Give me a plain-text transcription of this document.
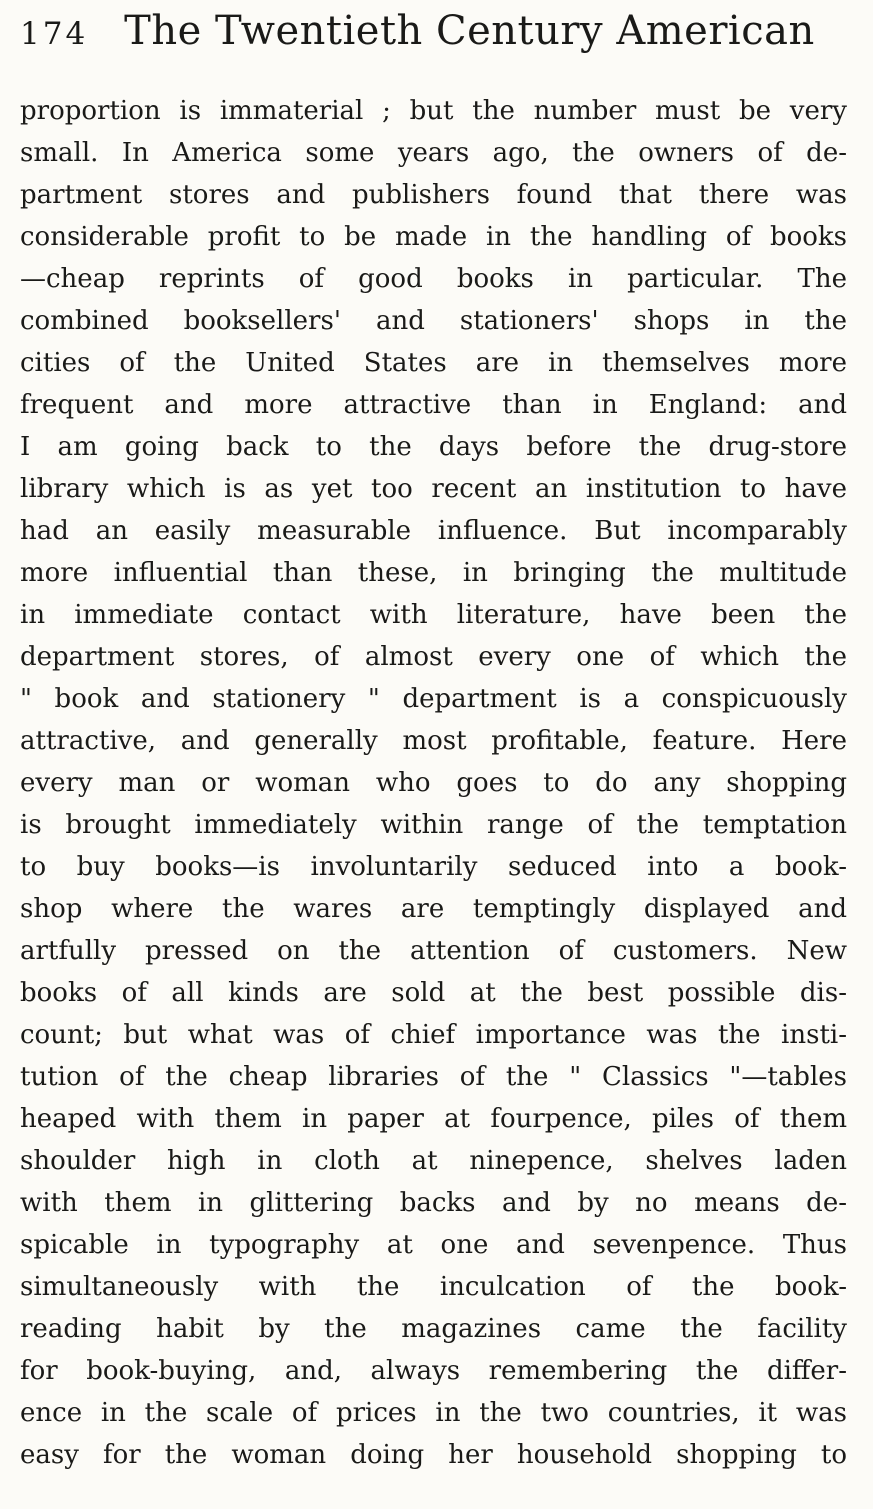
174 The Twentieth Century American
proportion is immaterial ; but the number must be very
small. In America some years ago, the owners of de-
partment stores and publishers found that there was
considerable profit to be made in the handling of books
—cheap reprints of good books in particular. The
combined booksellers' and stationers' shops in the
cities of the United States are in themselves more
frequent and more attractive than in England: and
I am going back to the days before the drug-store
library which is as yet too recent an institution to have
had an easily measurable influence. But incomparably
more influential than these, in bringing the multitude
in immediate contact with literature, have been the
department stores, of almost every one of which the
" book and stationery " department is a conspicuously
attractive, and generally most profitable, feature. Here
every man or woman who goes to do any shopping
is brought immediately within range of the temptation
to buy books—is involuntarily seduced into a book-
shop where the wares are temptingly displayed and
artfully pressed on the attention of customers. New
books of all kinds are sold at the best possible dis-
count; but what was of chief importance was the insti-
tution of the cheap libraries of the " Classics "—tables
heaped with them in paper at fourpence, piles of them
shoulder high in cloth at ninepence, shelves laden
with them in glittering backs and by no means de-
spicable in typography at one and sevenpence. Thus
simultaneously with the inculcation of the book-
reading habit by the magazines came the facility
for book-buying, and, always remembering the differ-
ence in the scale of prices in the two countries, it was
easy for the woman doing her household shopping to
